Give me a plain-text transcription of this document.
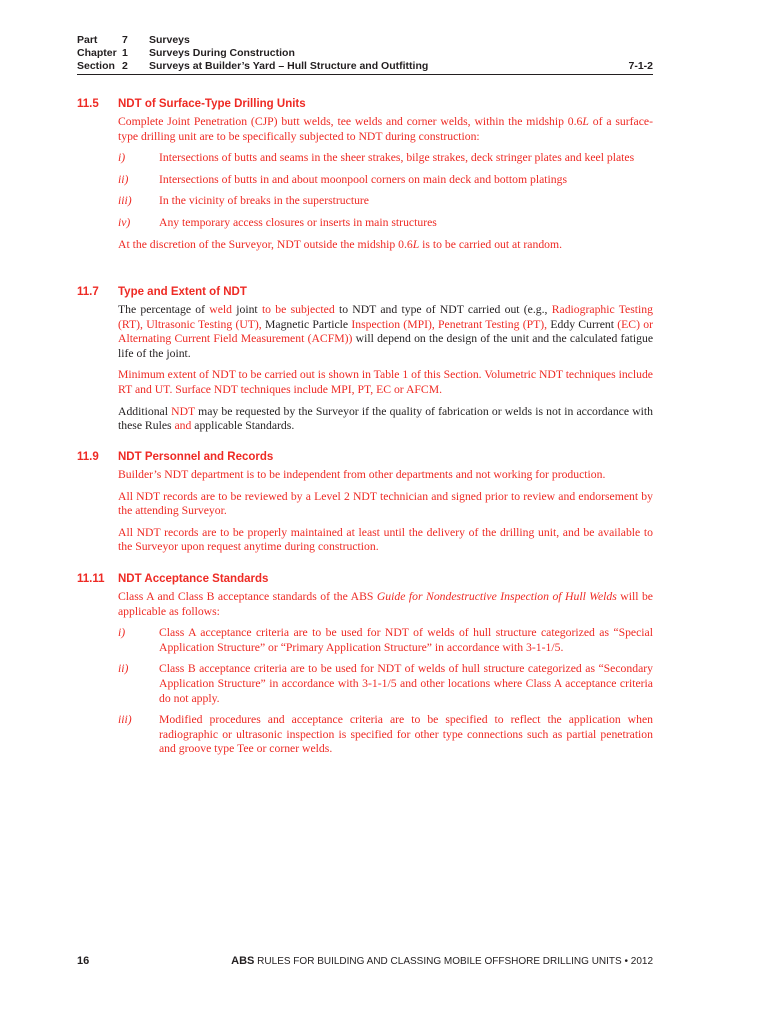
Part	7	Surveys
Chapter 1	Surveys During Construction
Section 2	Surveys at Builder’s Yard – Hull Structure and Outfitting	7-1-2
11.5	NDT of Surface-Type Drilling Units

Complete Joint Penetration (CJP) butt welds, tee welds and corner welds, within the midship 0.6L of a surface-type drilling unit are to be specifically subjected to NDT during construction:

i)	Intersections of butts and seams in the sheer strakes, bilge strakes, deck stringer plates and keel plates
ii)	Intersections of butts in and about moonpool corners on main deck and bottom platings
iii)	In the vicinity of breaks in the superstructure
iv)	Any temporary access closures or inserts in main structures

At the discretion of the Surveyor, NDT outside the midship 0.6L is to be carried out at random.

11.7	Type and Extent of NDT

The percentage of weld joint to be subjected to NDT and type of NDT carried out (e.g., Radiographic Testing (RT), Ultrasonic Testing (UT), Magnetic Particle Inspection (MPI), Penetrant Testing (PT), Eddy Current (EC) or Alternating Current Field Measurement (ACFM)) will depend on the design of the unit and the calculated fatigue life of the joint.

Minimum extent of NDT to be carried out is shown in Table 1 of this Section. Volumetric NDT techniques include RT and UT. Surface NDT techniques include MPI, PT, EC or AFCM.

Additional NDT may be requested by the Surveyor if the quality of fabrication or welds is not in accordance with these Rules and applicable Standards.

11.9	NDT Personnel and Records

Builder’s NDT department is to be independent from other departments and not working for production.

All NDT records are to be reviewed by a Level 2 NDT technician and signed prior to review and endorsement by the attending Surveyor.

All NDT records are to be properly maintained at least until the delivery of the drilling unit, and be available to the Surveyor upon request anytime during construction.

11.11	NDT Acceptance Standards

Class A and Class B acceptance standards of the ABS Guide for Nondestructive Inspection of Hull Welds will be applicable as follows:

i)	Class A acceptance criteria are to be used for NDT of welds of hull structure categorized as “Special Application Structure” or “Primary Application Structure” in accordance with 3-1-1/5.
ii)	Class B acceptance criteria are to be used for NDT of welds of hull structure categorized as “Secondary Application Structure” in accordance with 3-1-1/5 and other locations where Class A acceptance criteria do not apply.
iii)	Modified procedures and acceptance criteria are to be specified to reflect the application when radiographic or ultrasonic inspection is specified for other type connections such as partial penetration and groove type Tee or corner welds.
16	ABS RULES FOR BUILDING AND CLASSING MOBILE OFFSHORE DRILLING UNITS • 2012
